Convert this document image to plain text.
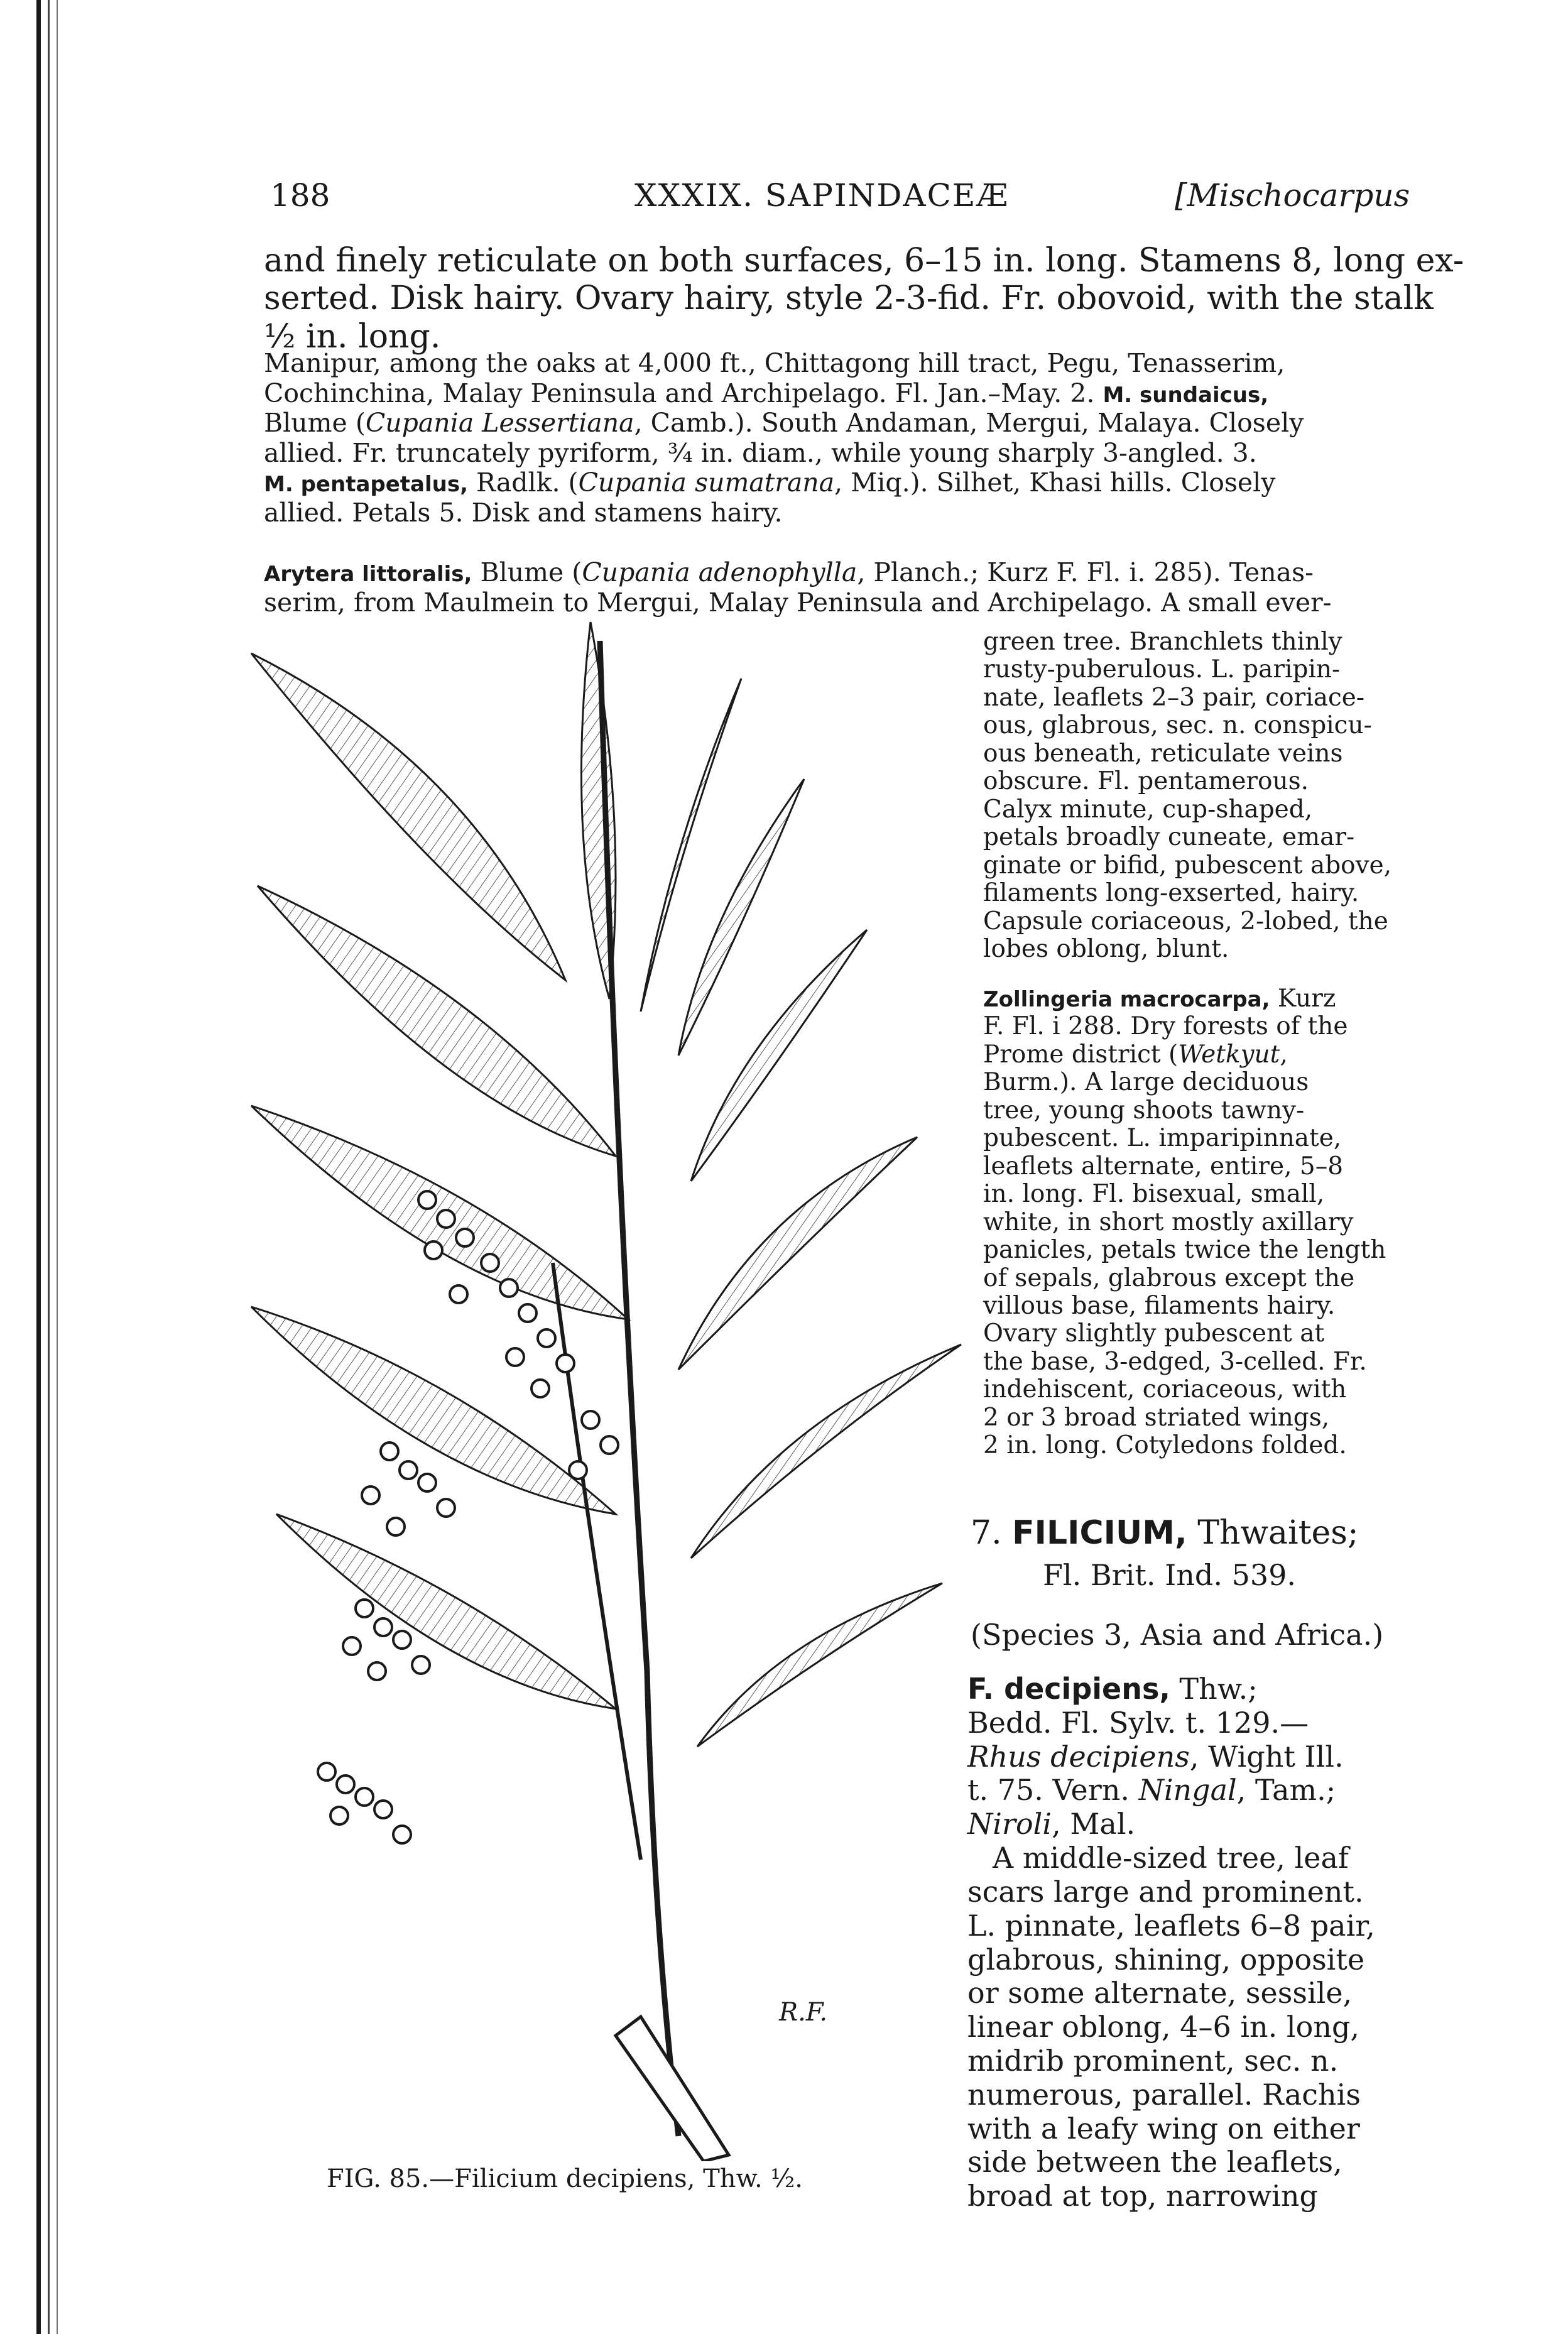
188	XXXIX. SAPINDACEÆ	[Mischocarpus
and finely reticulate on both surfaces, 6–15 in. long. Stamens 8, long ex-
serted. Disk hairy. Ovary hairy, style 2-3-fid. Fr. obovoid, with the stalk
½ in. long.
Manipur, among the oaks at 4,000 ft., Chittagong hill tract, Pegu, Tenasserim,
Cochinchina, Malay Peninsula and Archipelago. Fl. Jan.–May. 2. M. sundaicus,
Blume (Cupania Lessertiana, Camb.). South Andaman, Mergui, Malaya. Closely
allied. Fr. truncately pyriform, ¾ in. diam., while young sharply 3-angled. 3.
M. pentapetalus, Radlk. (Cupania sumatrana, Miq.). Silhet, Khasi hills. Closely
allied. Petals 5. Disk and stamens hairy.
Arytera littoralis, Blume (Cupania adenophylla, Planch.; Kurz F. Fl. i. 285). Tenas-
serim, from Maulmein to Mergui, Malay Peninsula and Archipelago. A small ever-
green tree. Branchlets thinly
rusty-puberulous. L. paripin-
nate, leaflets 2–3 pair, coriace-
ous, glabrous, sec. n. conspicu-
ous beneath, reticulate veins
obscure. Fl. pentamerous.
Calyx minute, cup-shaped,
petals broadly cuneate, emar-
ginate or bifid, pubescent above,
filaments long-exserted, hairy.
Capsule coriaceous, 2-lobed, the
lobes oblong, blunt.
Zollingeria macrocarpa, Kurz
F. Fl. i 288. Dry forests of the
Prome district (Wetkyut,
Burm.). A large deciduous
tree, young shoots tawny-
pubescent. L. imparipinnate,
leaflets alternate, entire, 5–8
in. long. Fl. bisexual, small,
white, in short mostly axillary
panicles, petals twice the length
of sepals, glabrous except the
villous base, filaments hairy.
Ovary slightly pubescent at
the base, 3-edged, 3-celled. Fr.
indehiscent, coriaceous, with
2 or 3 broad striated wings,
2 in. long. Cotyledons folded.
7. FILICIUM, Thwaites;
Fl. Brit. Ind. 539.
(Species 3, Asia and Africa.)
F. decipiens, Thw.;
Bedd. Fl. Sylv. t. 129.—
Rhus decipiens, Wight Ill.
t. 75. Vern. Ningal, Tam.;
Niroli, Mal.
A middle-sized tree, leaf
scars large and prominent.
L. pinnate, leaflets 6–8 pair,
glabrous, shining, opposite
or some alternate, sessile,
linear oblong, 4–6 in. long,
midrib prominent, sec. n.
numerous, parallel. Rachis
with a leafy wing on either
side between the leaflets,
broad at top, narrowing
R.F.
FIG. 85.—Filicium decipiens, Thw. ½.
